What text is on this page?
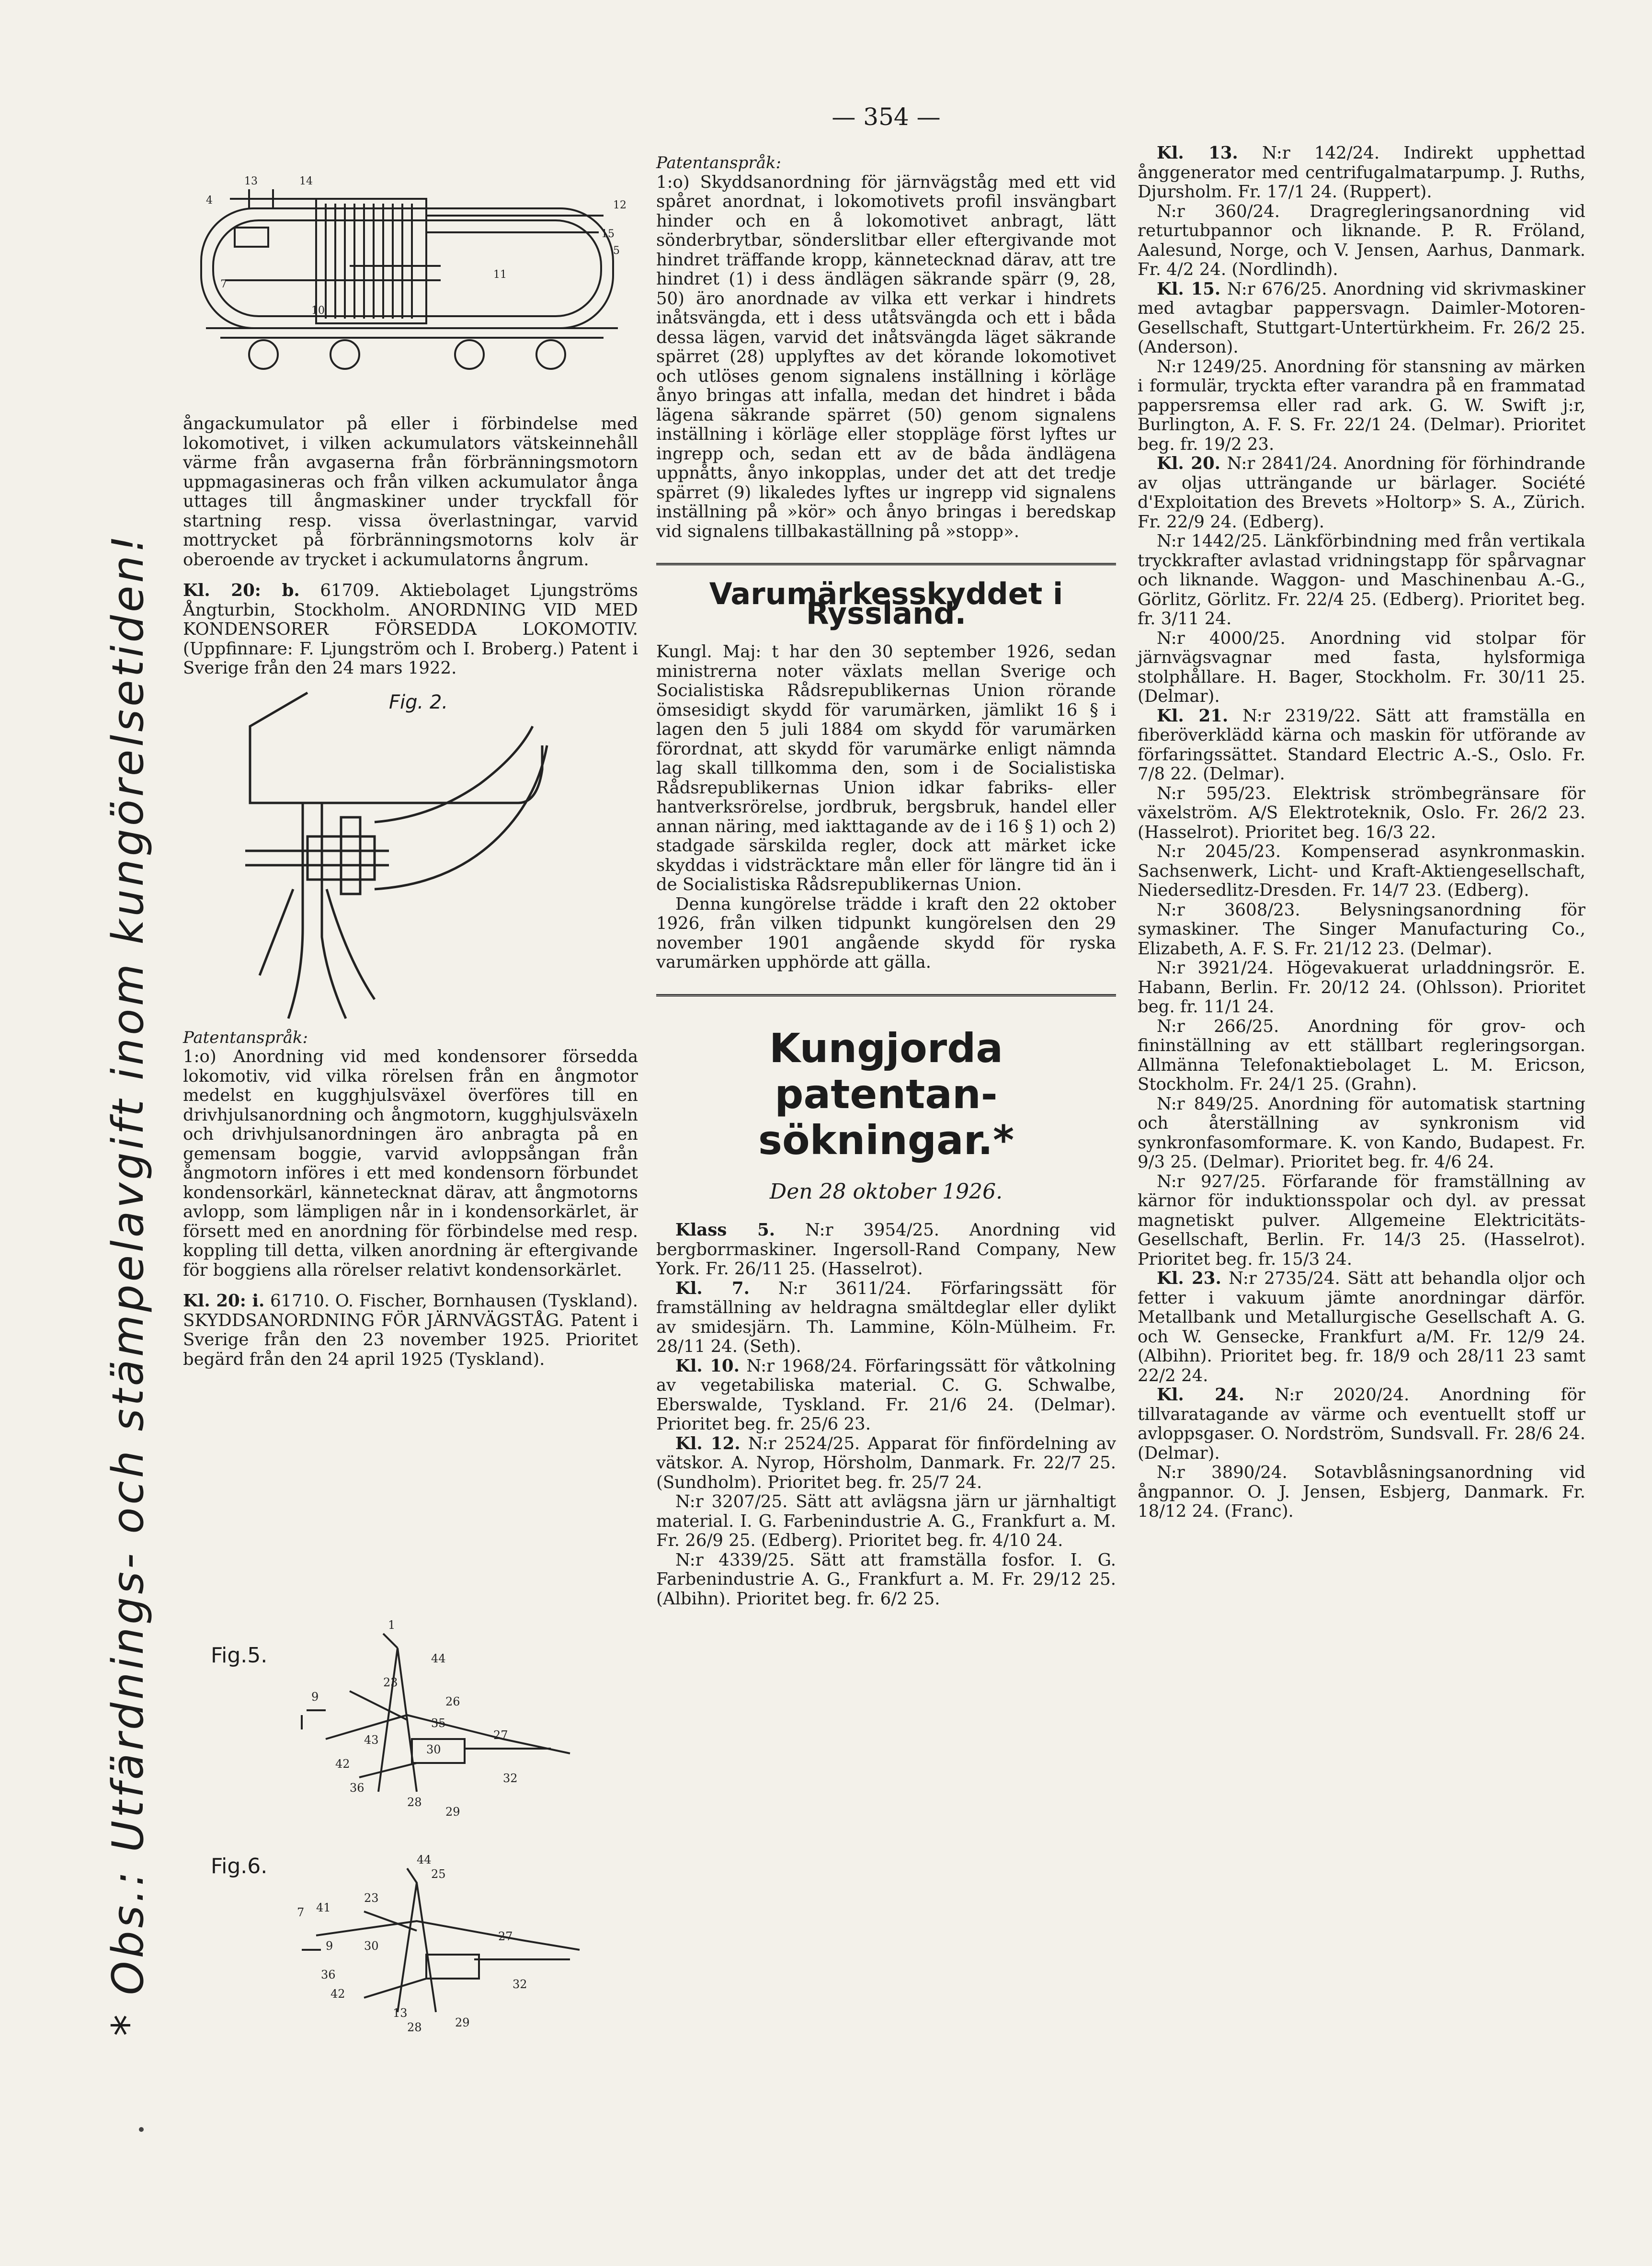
— 354 —
* Obs.: Utfärdnings- och stämpelavgift inom kungörelsetiden!
4
13	14
12
15
5
11
10
7

ångackumulator på eller i förbindelse med lokomotivet, i vilken ackumulators vätskeinnehåll värme från avgaserna från förbränningsmotorn uppmagasineras och från vilken ackumulator ånga uttages till ångmaskiner under tryckfall för startning resp. vissa överlastningar, varvid mottrycket på förbränningsmotorns kolv är oberoende av trycket i ackumulatorns ångrum.

Kl. 20: b. 61709. Aktiebolaget Ljungströms Ångturbin, Stockholm. ANORDNING VID MED KONDENSORER FÖRSEDDA LOKOMOTIV. (Uppfinnare: F. Ljungström och I. Broberg.) Patent i Sverige från den 24 mars 1922.

Fig. 2.

Patentanspråk:

1:o) Anordning vid med kondensorer försedda lokomotiv, vid vilka rörelsen från en ångmotor medelst en kugghjulsväxel överföres till en drivhjulsanordning och ångmotorn, kugghjulsväxeln och drivhjulsanordningen äro anbragta på en gemensam boggie, varvid avloppsångan från ångmotorn införes i ett med kondensorn förbundet kondensorkärl, kännetecknat därav, att ångmotorns avlopp, som lämpligen når in i kondensorkärlet, är försett med en anordning för förbindelse med resp. koppling till detta, vilken anordning är eftergivande för boggiens alla rörelser relativt kondensorkärlet.

Kl. 20: i. 61710. O. Fischer, Bornhausen (Tyskland). SKYDDSANORDNING FÖR JÄRNVÄGSTÅG. Patent i Sverige från den 23 november 1925. Prioritet begärd från den 24 april 1925 (Tyskland).

Fig.5.
1
44
9
23
43	27
26
35
30
42
32
36
28
29
Fig.6.	44
25
23
7 41
9
36
30
27
42
32
13
28	29

Patentanspråk:

1:o) Skyddsanordning för järnvägståg med ett vid spåret anordnat, i lokomotivets profil insvängbart hinder och en å lokomotivet anbragt, lätt sönderbrytbar, sönderslitbar eller eftergivande mot hindret träffande kropp, kännetecknad därav, att tre hindret (1) i dess ändlägen säkrande spärr (9, 28, 50) äro anordnade av vilka ett verkar i hindrets inåtsvängda, ett i dess utåtsvängda och ett i båda dessa lägen, varvid det inåtsvängda läget säkrande spärret (28) upplyftes av det körande lokomotivet och utlöses genom signalens inställning i körläge ånyo bringas att infalla, medan det hindret i båda lägena säkrande spärret (50) genom signalens inställning i körläge eller stoppläge först lyftes ur ingrepp och, sedan ett av de båda ändlägena uppnåtts, ånyo inkopplas, under det att det tredje spärret (9) likaledes lyftes ur ingrepp vid signalens inställning på »kör» och ånyo bringas i beredskap vid signalens tillbakaställning på »stopp».

Varumärkesskyddet i Ryssland.

Kungl. Maj: t har den 30 september 1926, sedan ministrerna noter växlats mellan Sverige och Socialistiska Rådsrepublikernas Union rörande ömsesidigt skydd för varumärken, jämlikt 16 § i lagen den 5 juli 1884 om skydd för varumärken förordnat, att skydd för varumärke enligt nämnda lag skall tillkomma den, som i de Socialistiska Rådsrepublikernas Union idkar fabriks- eller hantverksrörelse, jordbruk, bergsbruk, handel eller annan näring, med iakttagande av de i 16 § 1) och 2) stadgade särskilda regler, dock att märket icke skyddas i vidsträcktare mån eller för längre tid än i de Socialistiska Rådsrepublikernas Union.

Denna kungörelse trädde i kraft den 22 oktober 1926, från vilken tidpunkt kungörelsen den 29 november 1901 angående skydd för ryska varumärken upphörde att gälla.

Kungjorda patentan-
sökningar.*
Den 28 oktober 1926.

Klass 5. N:r 3954/25. Anordning vid bergborrmaskiner. Ingersoll-Rand Company, New York. Fr. 26/11 25. (Hasselrot).

Kl. 7. N:r 3611/24. Förfaringssätt för framställning av heldragna smältdeglar eller dylikt av smidesjärn. Th. Lammine, Köln-Mülheim. Fr. 28/11 24. (Seth).

Kl. 10. N:r 1968/24. Förfaringssätt för våtkolning av vegetabiliska material. C. G. Schwalbe, Eberswalde, Tyskland. Fr. 21/6 24. (Delmar). Prioritet beg. fr. 25/6 23.

Kl. 12. N:r 2524/25. Apparat för finfördelning av vätskor. A. Nyrop, Hörsholm, Danmark. Fr. 22/7 25. (Sundholm). Prioritet beg. fr. 25/7 24.

N:r 3207/25. Sätt att avlägsna järn ur järnhaltigt material. I. G. Farbenindustrie A. G., Frankfurt a. M. Fr. 26/9 25. (Edberg). Prioritet beg. fr. 4/10 24.

N:r 4339/25. Sätt att framställa fosfor. I. G. Farbenindustrie A. G., Frankfurt a. M. Fr. 29/12 25. (Albihn). Prioritet beg. fr. 6/2 25.

Kl. 13. N:r 142/24. Indirekt upphettad ånggenerator med centrifugalmatarpump. J. Ruths, Djursholm. Fr. 17/1 24. (Ruppert).

N:r 360/24. Dragregleringsanordning vid returtubpannor och liknande. P. R. Fröland, Aalesund, Norge, och V. Jensen, Aarhus, Danmark. Fr. 4/2 24. (Nordlindh).

Kl. 15. N:r 676/25. Anordning vid skrivmaskiner med avtagbar pappersvagn. Daimler-Motoren-Gesellschaft, Stuttgart-Untertürkheim. Fr. 26/2 25. (Anderson).

N:r 1249/25. Anordning för stansning av märken i formulär, tryckta efter varandra på en frammatad pappersremsa eller rad ark. G. W. Swift j:r, Burlington, A. F. S. Fr. 22/1 24. (Delmar). Prioritet beg. fr. 19/2 23.

Kl. 20. N:r 2841/24. Anordning för förhindrande av oljas utträngande ur bärlager. Société d'Exploitation des Brevets »Holtorp» S. A., Zürich. Fr. 22/9 24. (Edberg).

N:r 1442/25. Länkförbindning med från vertikala tryckkrafter avlastad vridningstapp för spårvagnar och liknande. Waggon- und Maschinenbau A.-G., Görlitz, Görlitz. Fr. 22/4 25. (Edberg). Prioritet beg. fr. 3/11 24.

N:r 4000/25. Anordning vid stolpar för järnvägsvagnar med fasta, hylsformiga stolphållare. H. Bager, Stockholm. Fr. 30/11 25. (Delmar).

Kl. 21. N:r 2319/22. Sätt att framställa en fiberöverklädd kärna och maskin för utförande av förfaringssättet. Standard Electric A.-S., Oslo. Fr. 7/8 22. (Delmar).

N:r 595/23. Elektrisk strömbegränsare för växelström. A/S Elektroteknik, Oslo. Fr. 26/2 23. (Hasselrot). Prioritet beg. 16/3 22.

N:r 2045/23. Kompenserad asynkronmaskin. Sachsenwerk, Licht- und Kraft-Aktiengesellschaft, Niedersedlitz-Dresden. Fr. 14/7 23. (Edberg).

N:r 3608/23. Belysningsanordning för symaskiner. The Singer Manufacturing Co., Elizabeth, A. F. S. Fr. 21/12 23. (Delmar).

N:r 3921/24. Högevakuerat urladdningsrör. E. Habann, Berlin. Fr. 20/12 24. (Ohlsson). Prioritet beg. fr. 11/1 24.

N:r 266/25. Anordning för grov- och fininställning av ett ställbart regleringsorgan. Allmänna Telefonaktiebolaget L. M. Ericson, Stockholm. Fr. 24/1 25. (Grahn).

N:r 849/25. Anordning för automatisk startning och återställning av synkronism vid synkronfasomformare. K. von Kando, Budapest. Fr. 9/3 25. (Delmar). Prioritet beg. fr. 4/6 24.

N:r 927/25. Förfarande för framställning av kärnor för induktionsspolar och dyl. av pressat magnetiskt pulver. Allgemeine Elektricitäts-Gesellschaft, Berlin. Fr. 14/3 25. (Hasselrot). Prioritet beg. fr. 15/3 24.

Kl. 23. N:r 2735/24. Sätt att behandla oljor och fetter i vakuum jämte anordningar därför. Metallbank und Metallurgische Gesellschaft A. G. och W. Gensecke, Frankfurt a/M. Fr. 12/9 24. (Albihn). Prioritet beg. fr. 18/9 och 28/11 23 samt 22/2 24.

Kl. 24. N:r 2020/24. Anordning för tillvaratagande av värme och eventuellt stoff ur avloppsgaser. O. Nordström, Sundsvall. Fr. 28/6 24. (Delmar).

N:r 3890/24. Sotavblåsningsanordning vid ångpannor. O. J. Jensen, Esbjerg, Danmark. Fr. 18/12 24. (Franc).
